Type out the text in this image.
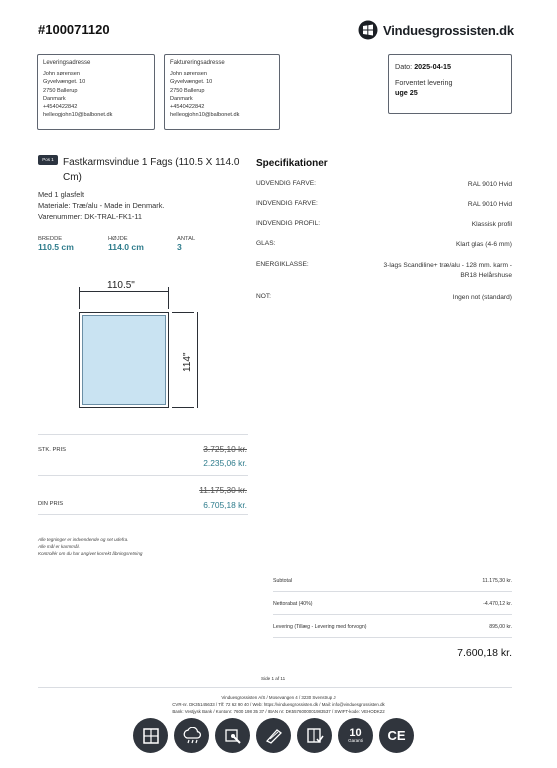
#100071120	Vinduesgrossisten.dk
Leveringsadresse
John sørensen
Gyvelvænget. 10
2750 Ballerup
Danmark
+4540422842
helleogjohn10@balbonet.dk
Faktureringsadresse
John sørensen
Gyvelvænget. 10
2750 Ballerup
Danmark
+4540422842
helleogjohn10@balbonet.dk
Dato: 2025-04-15
Forventet levering
uge 25
Pos 1 Fastkarmsvindue 1 Fags (110.5 X 114.0 Cm)
Med 1 glasfelt
Materiale: Træ/alu - Made in Denmark.
Varenummer: DK-TRAL-FK1-11
BREDDE
110.5 cm
HØJDE
114.0 cm
ANTAL
3
Specifikationer
UDVENDIG FARVE:	RAL 9010 Hvid
INDVENDIG FARVE:	RAL 9010 Hvid
INDVENDIG PROFIL:	Klassisk profil
GLAS:	Klart glas (4-6 mm)
ENERGIKLASSE:	3-lags Scandiline+ træ/alu - 128 mm. karm - BR18 Helårshuse
NOT:	Ingen not (standard)
110.5"
114"
STK. PRIS	3.725,10 kr.
2.235,06 kr.
11.175,30 kr.
DIN PRIS	6.705,18 kr.
Alle tegninger er indvendende og set udefra.
Alle mål er karmmål.
Kontrollér om du har angivet korrekt åbningsretning
Subtotal	11.175,30 kr.
Nettorabat (40%)	-4.470,12 kr.
Levering (Tillæg - Levering med forvogn)	895,00 kr.
7.600,18 kr.
Side 1 af 11
Vinduesgrossisten A/S / Mosevangen 4 / 3230 Svenstrup J
CVR-nr. DK35145633 / Tlf: 72 62 90 40 / Web: https://vinduesgrossisten.dk / Mail: info@vinduesgrossisten.dk
Bank: Vestjysk Bank / Kontonr: 7600 198 35 37 / IBAN nr: DK5576000001983537 / SWIFT-kode: VEHODK22
10
Garanti	CE
